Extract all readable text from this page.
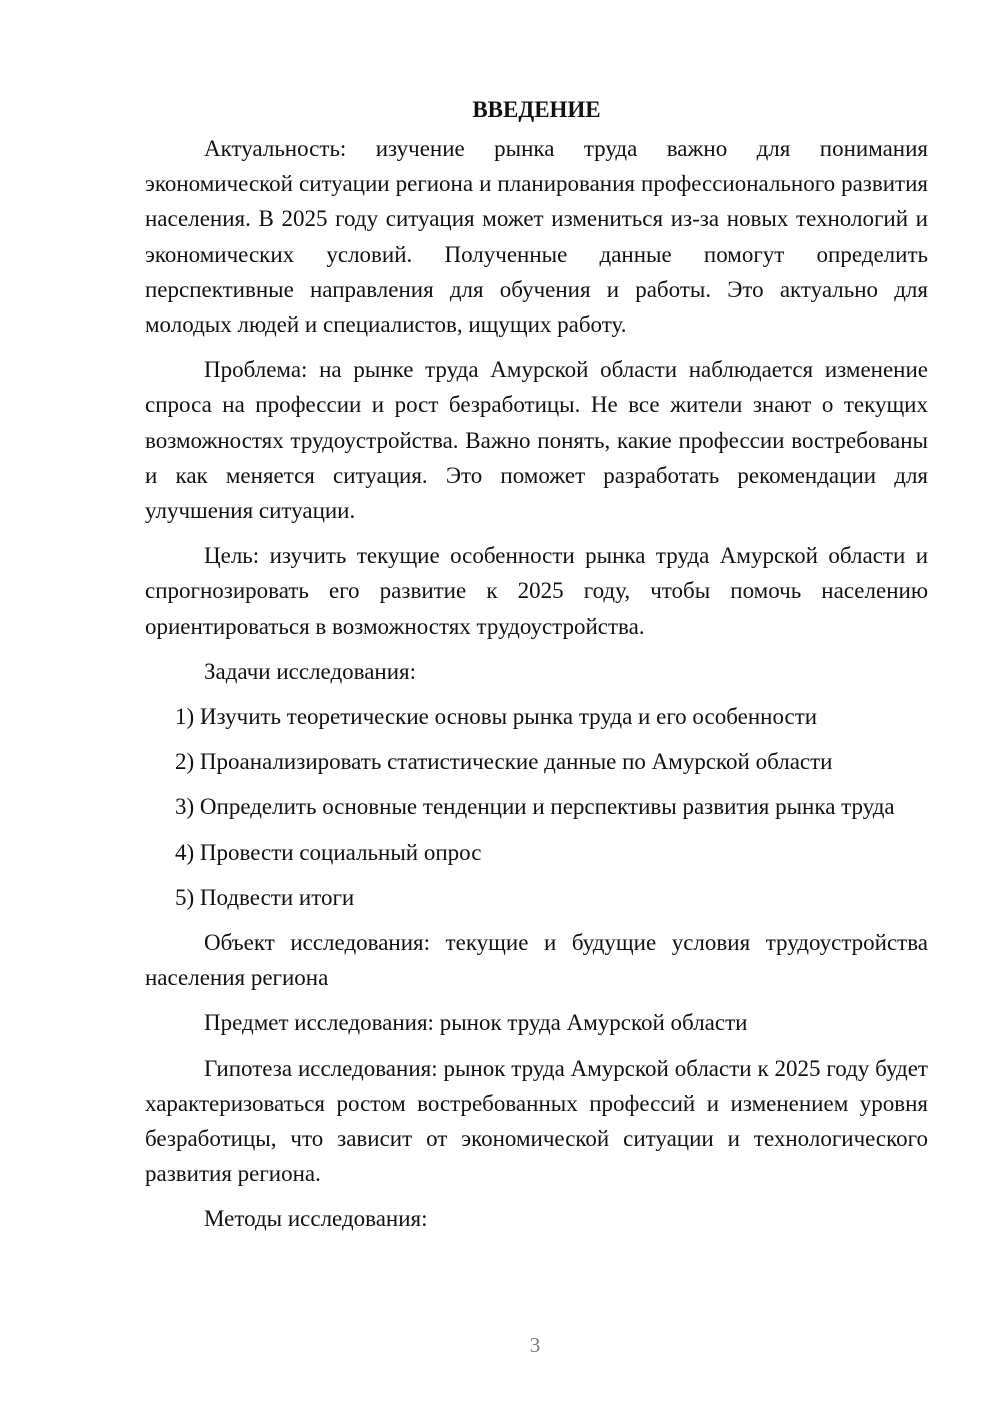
ВВЕДЕНИЕ

Актуальность: изучение рынка труда важно для понимания экономической ситуации региона и планирования профессионального развития населения. В 2025 году ситуация может измениться из-за новых технологий и экономических условий. Полученные данные помогут определить перспективные направления для обучения и работы. Это актуально для молодых людей и специалистов, ищущих работу.

Проблема: на рынке труда Амурской области наблюдается изменение спроса на профессии и рост безработицы. Не все жители знают о текущих возможностях трудоустройства. Важно понять, какие профессии востребованы и как меняется ситуация. Это поможет разработать рекомендации для улучшения ситуации.

Цель: изучить текущие особенности рынка труда Амурской области и спрогнозировать его развитие к 2025 году, чтобы помочь населению ориентироваться в возможностях трудоустройства.

Задачи исследования:

1) Изучить теоретические основы рынка труда и его особенности

2) Проанализировать статистические данные по Амурской области

3) Определить основные тенденции и перспективы развития рынка труда

4) Провести социальный опрос

5) Подвести итоги

Объект исследования: текущие и будущие условия трудоустройства населения региона

Предмет исследования: рынок труда Амурской области

Гипотеза исследования: рынок труда Амурской области к 2025 году будет характеризоваться ростом востребованных профессий и изменением уровня безработицы, что зависит от экономической ситуации и технологического развития региона.

Методы исследования:

3
